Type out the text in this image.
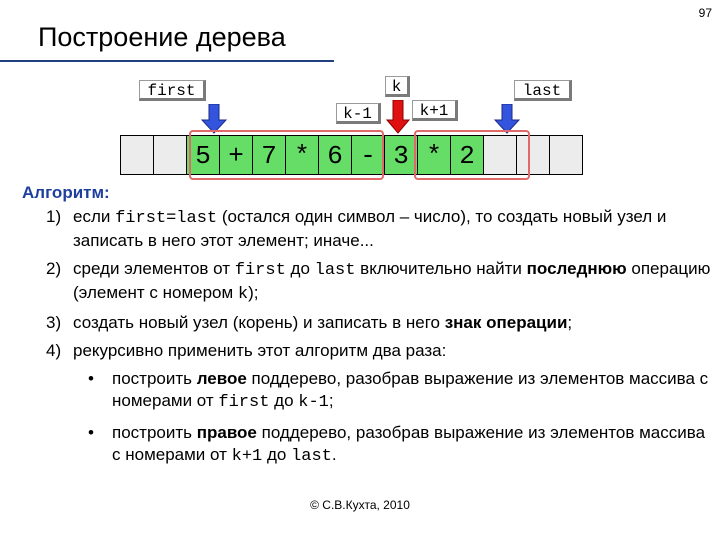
97
Построение дерева
first	k	last
k-1	k+1
5 + 7 * 6 - 3 * 2
Алгоритм:
1) если first=last (остался один символ – число), то создать новый узел и записать в него этот элемент; иначе...
2) среди элементов от first до last включительно найти последнюю операцию (элемент с номером k);
3) создать новый узел (корень) и записать в него знак операции;
4) рекурсивно применить этот алгоритм два раза:
• построить левое поддерево, разобрав выражение из элементов массива с номерами от first до k-1;
• построить правое поддерево, разобрав выражение из элементов массива с номерами от k+1 до last.
© С.В.Кухта, 2010
